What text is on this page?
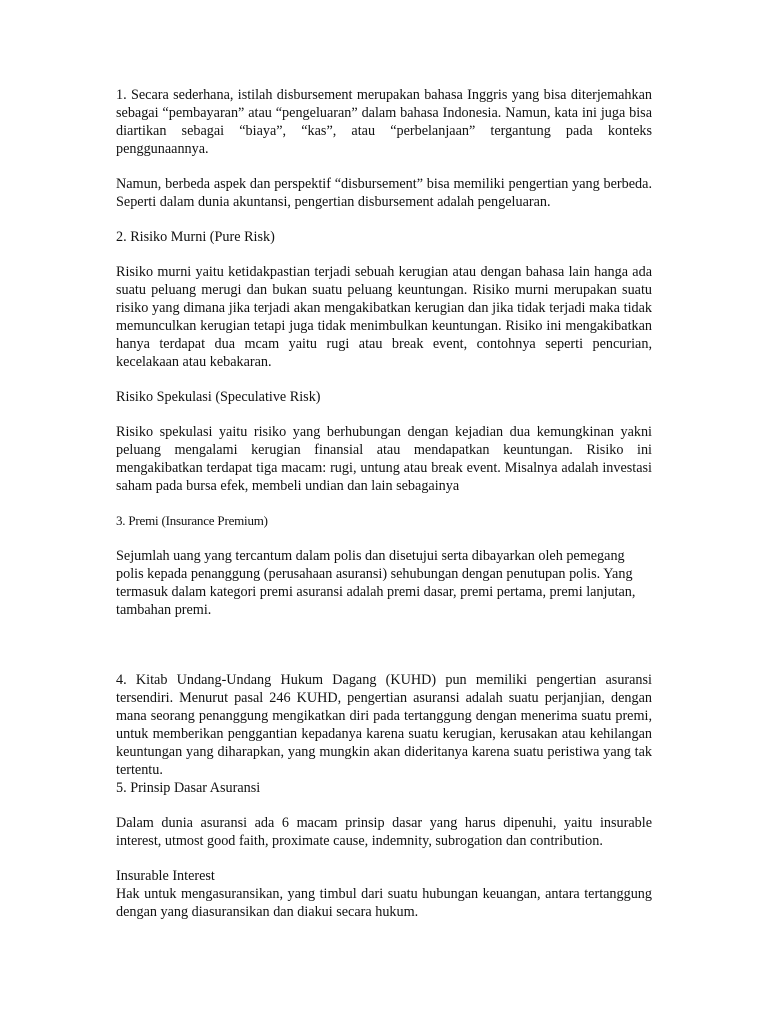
1. Secara sederhana, istilah disbursement merupakan bahasa Inggris yang bisa diterjemahkan sebagai “pembayaran” atau “pengeluaran” dalam bahasa Indonesia. Namun, kata ini juga bisa diartikan sebagai “biaya”, “kas”, atau “perbelanjaan” tergantung pada konteks penggunaannya.

Namun, berbeda aspek dan perspektif “disbursement” bisa memiliki pengertian yang berbeda. Seperti dalam dunia akuntansi, pengertian disbursement adalah pengeluaran.

2. Risiko Murni (Pure Risk)

Risiko murni yaitu ketidakpastian terjadi sebuah kerugian atau dengan bahasa lain hanga ada suatu peluang merugi dan bukan suatu peluang keuntungan. Risiko murni merupakan suatu risiko yang dimana jika terjadi akan mengakibatkan kerugian dan jika tidak terjadi maka tidak memunculkan kerugian tetapi juga tidak menimbulkan keuntungan. Risiko ini mengakibatkan hanya terdapat dua mcam yaitu rugi atau break event, contohnya seperti pencurian, kecelakaan atau kebakaran.

Risiko Spekulasi (Speculative Risk)

Risiko spekulasi yaitu risiko yang berhubungan dengan kejadian dua kemungkinan yakni peluang mengalami kerugian finansial atau mendapatkan keuntungan. Risiko ini mengakibatkan terdapat tiga macam: rugi, untung atau break event. Misalnya adalah investasi saham pada bursa efek, membeli undian dan lain sebagainya

3. Premi (Insurance Premium)

Sejumlah uang yang tercantum dalam polis dan disetujui serta dibayarkan oleh pemegang polis kepada penanggung (perusahaan asuransi) sehubungan dengan penutupan polis. Yang termasuk dalam kategori premi asuransi adalah premi dasar, premi pertama, premi lanjutan, tambahan premi.

4. Kitab Undang-Undang Hukum Dagang (KUHD) pun memiliki pengertian asuransi tersendiri. Menurut pasal 246 KUHD, pengertian asuransi adalah suatu perjanjian, dengan mana seorang penanggung mengikatkan diri pada tertanggung dengan menerima suatu premi, untuk memberikan penggantian kepadanya karena suatu kerugian, kerusakan atau kehilangan keuntungan yang diharapkan, yang mungkin akan dideritanya karena suatu peristiwa yang tak tertentu.

5. Prinsip Dasar Asuransi

Dalam dunia asuransi ada 6 macam prinsip dasar yang harus dipenuhi, yaitu insurable interest, utmost good faith, proximate cause, indemnity, subrogation dan contribution.

Insurable Interest

Hak untuk mengasuransikan, yang timbul dari suatu hubungan keuangan, antara tertanggung dengan yang diasuransikan dan diakui secara hukum.
